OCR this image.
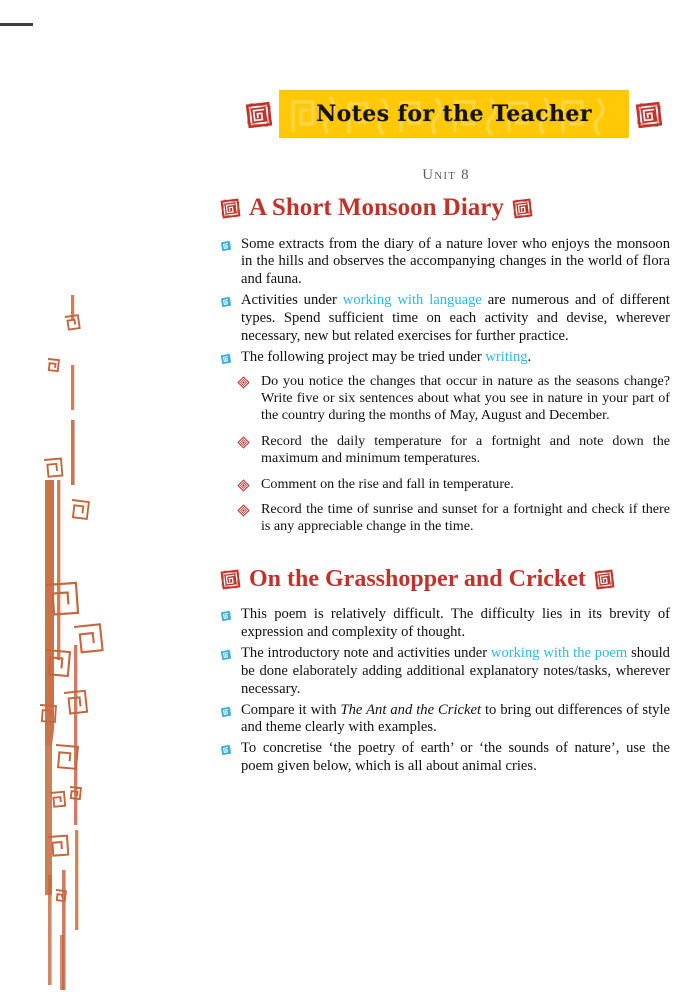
Notes for the Teacher
Unit 8
A Short Monsoon Diary
Some extracts from the diary of a nature lover who enjoys the monsoon in the hills and observes the accompanying changes in the world of flora and fauna.
Activities under working with language are numerous and of different types. Spend sufficient time on each activity and devise, wherever necessary, new but related exercises for further practice.
The following project may be tried under writing.
Do you notice the changes that occur in nature as the seasons change? Write five or six sentences about what you see in nature in your part of the country during the months of May, August and December.
Record the daily temperature for a fortnight and note down the maximum and minimum temperatures.
Comment on the rise and fall in temperature.
Record the time of sunrise and sunset for a fortnight and check if there is any appreciable change in the time.
On the Grasshopper and Cricket
This poem is relatively difficult. The difficulty lies in its brevity of expression and complexity of thought.
The introductory note and activities under working with the poem should be done elaborately adding additional explanatory notes/tasks, wherever necessary.
Compare it with The Ant and the Cricket to bring out differences of style and theme clearly with examples.
To concretise ‘the poetry of earth’ or ‘the sounds of nature’, use the poem given below, which is all about animal cries.
